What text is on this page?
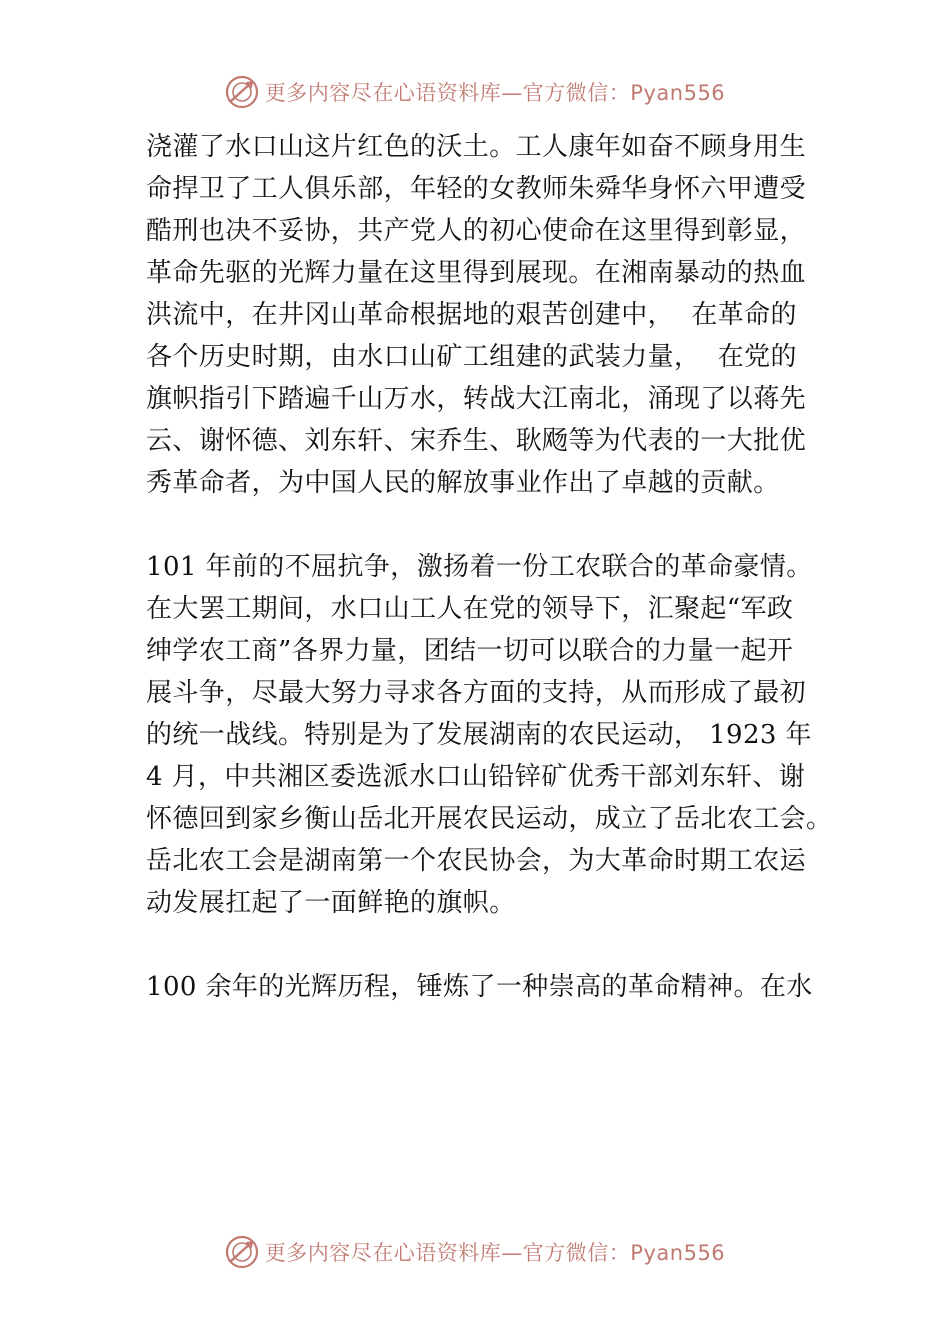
更多内容尽在心语资料库—官方微信：Pyan556
浇灌了水口山这片红色的沃土。工人康年如奋不顾身用生
命捍卫了工人俱乐部，年轻的女教师朱舜华身怀六甲遭受
酷刑也决不妥协，共产党人的初心使命在这里得到彰显，
革命先驱的光辉力量在这里得到展现。在湘南暴动的热血
洪流中，在井冈山革命根据地的艰苦创建中，  在革命的
各个历史时期，由水口山矿工组建的武装力量，  在党的
旗帜指引下踏遍千山万水，转战大江南北，涌现了以蒋先
云、谢怀德、刘东轩、宋乔生、耿飏等为代表的一大批优
秀革命者，为中国人民的解放事业作出了卓越的贡献。
101 年前的不屈抗争，激扬着一份工农联合的革命豪情。
在大罢工期间，水口山工人在党的领导下，汇聚起“军政
绅学农工商”各界力量，团结一切可以联合的力量一起开
展斗争，尽最大努力寻求各方面的支持，从而形成了最初
的统一战线。特别是为了发展湖南的农民运动， 1923 年
4 月，中共湘区委选派水口山铅锌矿优秀干部刘东轩、谢
怀德回到家乡衡山岳北开展农民运动，成立了岳北农工会。
岳北农工会是湖南第一个农民协会，为大革命时期工农运
动发展扛起了一面鲜艳的旗帜。
100 余年的光辉历程，锤炼了一种崇高的革命精神。在水
更多内容尽在心语资料库—官方微信：Pyan556
